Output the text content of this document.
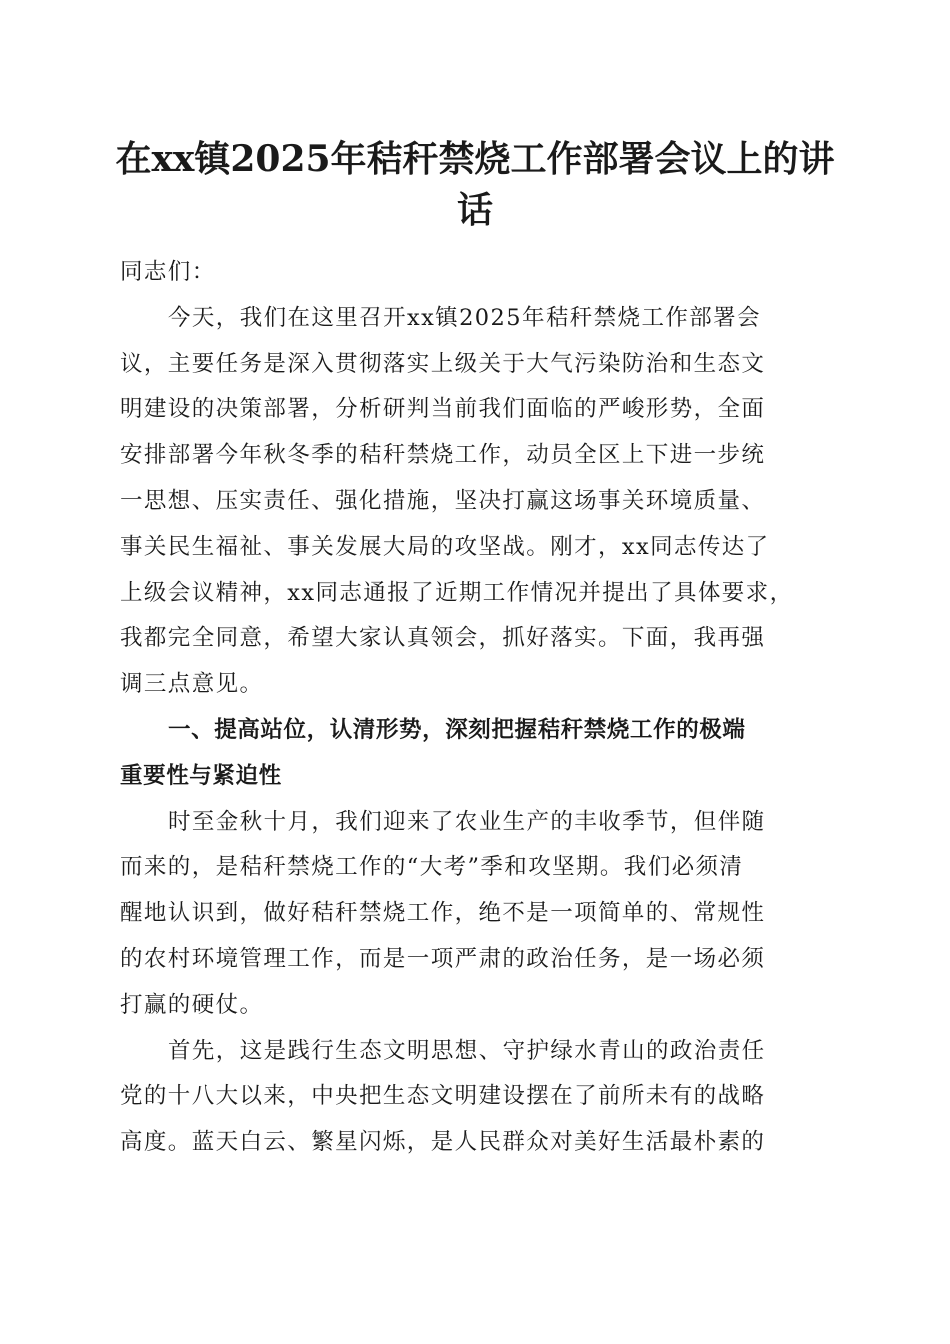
在xx镇2025年秸秆禁烧工作部署会议上的讲
话
同志们：
今天，我们在这里召开xx镇2025年秸秆禁烧工作部署会
议，主要任务是深入贯彻落实上级关于大气污染防治和生态文
明建设的决策部署，分析研判当前我们面临的严峻形势，全面
安排部署今年秋冬季的秸秆禁烧工作，动员全区上下进一步统
一思想、压实责任、强化措施，坚决打赢这场事关环境质量、
事关民生福祉、事关发展大局的攻坚战。刚才，xx同志传达了
上级会议精神，xx同志通报了近期工作情况并提出了具体要求，
我都完全同意，希望大家认真领会，抓好落实。下面，我再强
调三点意见。
一、提高站位，认清形势，深刻把握秸秆禁烧工作的极端
重要性与紧迫性
时至金秋十月，我们迎来了农业生产的丰收季节，但伴随
而来的，是秸秆禁烧工作的“大考”季和攻坚期。我们必须清
醒地认识到，做好秸秆禁烧工作，绝不是一项简单的、常规性
的农村环境管理工作，而是一项严肃的政治任务，是一场必须
打赢的硬仗。
首先，这是践行生态文明思想、守护绿水青山的政治责任
党的十八大以来，中央把生态文明建设摆在了前所未有的战略
高度。蓝天白云、繁星闪烁，是人民群众对美好生活最朴素的
